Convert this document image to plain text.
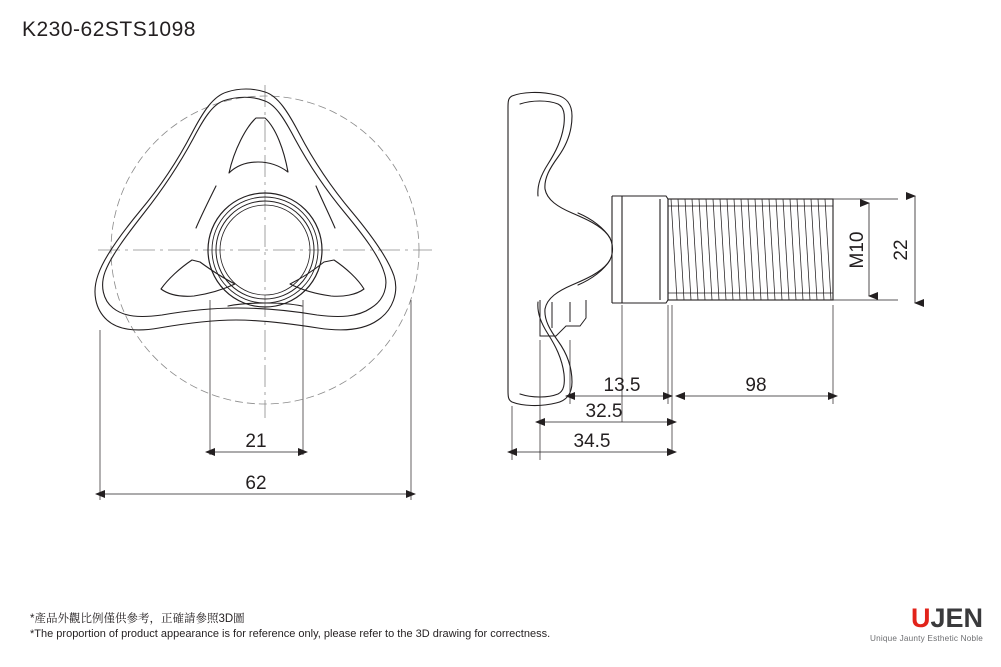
K230-62STS1098
21
62
M10 22
13.5	98
32.5
34.5
*產品外觀比例僅供參考，正確請參照3D圖
*The proportion of product appearance is for reference only, please refer to the 3D drawing for correctness.
UJEN
Unique Jaunty Esthetic Noble
